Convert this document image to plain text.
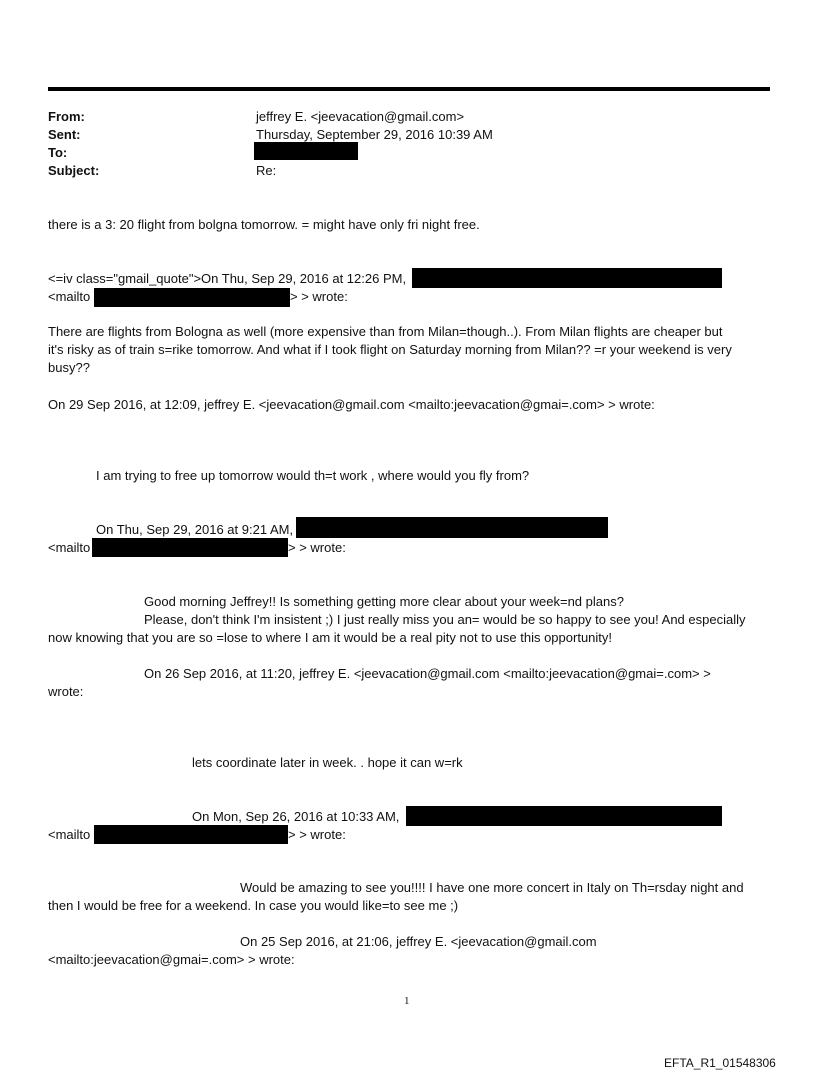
From:	jeffrey E. <jeevacation@gmail.com>
Sent:	Thursday, September 29, 2016 10:39 AM
To:
Subject:	Re:
there is a 3: 20 flight from bolgna tomorrow. = might have only fri night free.
<=iv class="gmail_quote">On Thu, Sep 29, 2016 at 12:26 PM,
<mailto	> > wrote:
There are flights from Bologna as well (more expensive than from Milan=though..). From Milan flights are cheaper but
it's risky as of train s=rike tomorrow. And what if I took flight on Saturday morning from Milan?? =r your weekend is very
busy??
On 29 Sep 2016, at 12:09, jeffrey E. <jeevacation@gmail.com <mailto:jeevacation@gmai=.com> > wrote:
I am trying to free up tomorrow would th=t work , where would you fly from?
On Thu, Sep 29, 2016 at 9:21 AM,
<mailto	> > wrote:
Good morning Jeffrey!! Is something getting more clear about your week=nd plans?
Please, don't think I'm insistent ;) I just really miss you an= would be so happy to see you! And especially
now knowing that you are so =lose to where I am it would be a real pity not to use this opportunity!
On 26 Sep 2016, at 11:20, jeffrey E. <jeevacation@gmail.com <mailto:jeevacation@gmai=.com> >
wrote:
lets coordinate later in week. . hope it can w=rk
On Mon, Sep 26, 2016 at 10:33 AM,
<mailto	> > wrote:
Would be amazing to see you!!!! I have one more concert in Italy on Th=rsday night and
then I would be free for a weekend. In case you would like=to see me ;)
On 25 Sep 2016, at 21:06, jeffrey E. <jeevacation@gmail.com
<mailto:jeevacation@gmai=.com> > wrote:
1
EFTA_R1_01548306
